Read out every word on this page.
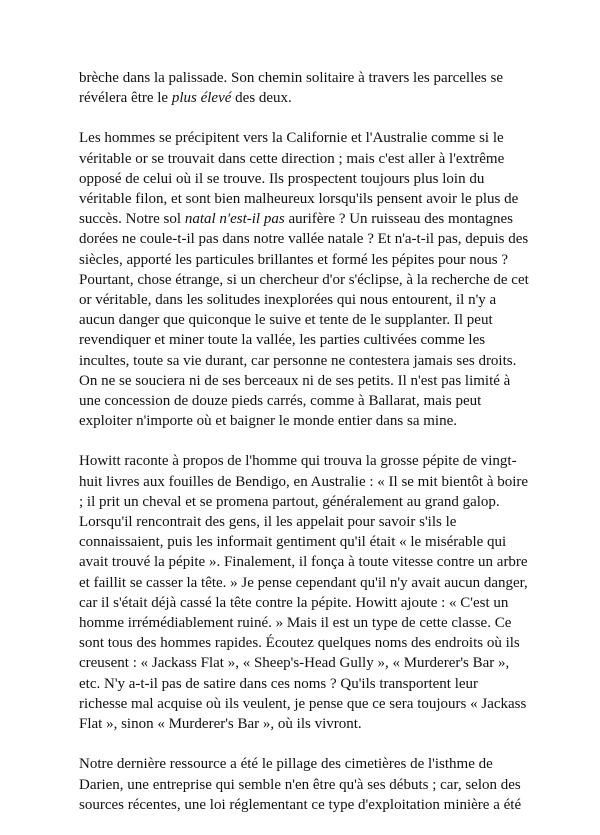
brèche dans la palissade. Son chemin solitaire à travers les parcelles se révélera être le plus élevé des deux.

Les hommes se précipitent vers la Californie et l'Australie comme si le véritable or se trouvait dans cette direction ; mais c'est aller à l'extrême opposé de celui où il se trouve. Ils prospectent toujours plus loin du véritable filon, et sont bien malheureux lorsqu'ils pensent avoir le plus de succès. Notre sol natal n'est-il pas aurifère ? Un ruisseau des montagnes dorées ne coule-t-il pas dans notre vallée natale ? Et n'a-t-il pas, depuis des siècles, apporté les particules brillantes et formé les pépites pour nous ? Pourtant, chose étrange, si un chercheur d'or s'éclipse, à la recherche de cet or véritable, dans les solitudes inexplorées qui nous entourent, il n'y a aucun danger que quiconque le suive et tente de le supplanter. Il peut revendiquer et miner toute la vallée, les parties cultivées comme les incultes, toute sa vie durant, car personne ne contestera jamais ses droits. On ne se souciera ni de ses berceaux ni de ses petits. Il n'est pas limité à une concession de douze pieds carrés, comme à Ballarat, mais peut exploiter n'importe où et baigner le monde entier dans sa mine.

Howitt raconte à propos de l'homme qui trouva la grosse pépite de vingt-huit livres aux fouilles de Bendigo, en Australie : « Il se mit bientôt à boire ; il prit un cheval et se promena partout, généralement au grand galop. Lorsqu'il rencontrait des gens, il les appelait pour savoir s'ils le connaissaient, puis les informait gentiment qu'il était « le misérable qui avait trouvé la pépite ». Finalement, il fonça à toute vitesse contre un arbre et faillit se casser la tête. » Je pense cependant qu'il n'y avait aucun danger, car il s'était déjà cassé la tête contre la pépite. Howitt ajoute : « C'est un homme irrémédiablement ruiné. » Mais il est un type de cette classe. Ce sont tous des hommes rapides. Écoutez quelques noms des endroits où ils creusent : « Jackass Flat », « Sheep's-Head Gully », « Murderer's Bar », etc. N'y a-t-il pas de satire dans ces noms ? Qu'ils transportent leur richesse mal acquise où ils veulent, je pense que ce sera toujours « Jackass Flat », sinon « Murderer's Bar », où ils vivront.

Notre dernière ressource a été le pillage des cimetières de l'isthme de Darien, une entreprise qui semble n'en être qu'à ses débuts ; car, selon des sources récentes, une loi réglementant ce type d'exploitation minière a été
